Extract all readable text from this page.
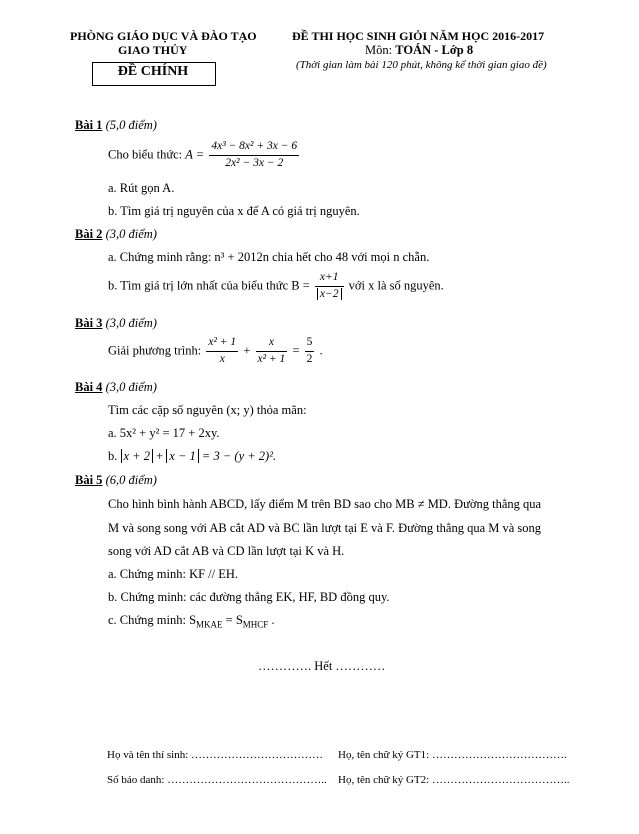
PHÒNG GIÁO DỤC VÀ ĐÀO TẠO
GIAO THỦY
ĐỀ CHÍNH
ĐỀ THI HỌC SINH GIỎI NĂM HỌC 2016-2017
Môn: TOÁN - Lớp 8
(Thời gian làm bài 120 phút, không kể thời gian giao đề)
Bài 1 (5,0 điểm)
Cho biểu thức: $A = \frac{\text{4x³ − 8x² + 3x − 6}}{\text{2x² − 3x − 2}}$
a. Rút gọn A.
b. Tìm giá trị nguyên của x để A có giá trị nguyên.
Bài 2 (3,0 điểm)
a. Chứng minh rằng: n³ + 2012n chia hết cho 48 với mọi n chẵn.
b. Tìm giá trị lớn nhất của biểu thức $B = \frac{x+1}{x-2}$ với x là số nguyên.
Bài 3 (3,0 điểm)
Giải phương trình: $\frac{\text{x² + 1}}{x} + \frac{x}{\text{x² + 1}} = \frac{5}{2}$ .
Bài 4 (3,0 điểm)
Tìm các cặp số nguyên (x; y) thỏa mãn:
a. 5x² + y² = 17 + 2xy.
b. x + 2 + x − 1 = 3 − (y + 2)².
Bài 5 (6,0 điểm)
Cho hình bình hành ABCD, lấy điểm M trên BD sao cho MB ≠ MD. Đường thẳng qua
M và song song với AB cắt AD và BC lần lượt tại E và F. Đường thẳng qua M và song
song với AD cắt AB và CD lần lượt tại K và H.
a. Chứng minh: KF // EH.
b. Chứng minh: các đường thẳng EK, HF, BD đồng quy.
c. Chứng minh: $S_{MKAE} = S_{MHCF}$ .
…………. Hết …………
Họ và tên thí sinh: ……………………………… Họ, tên chữ ký GT1: ……………………………….
Số báo danh: …………………………………….. Họ, tên chữ ký GT2: ………………………………..
